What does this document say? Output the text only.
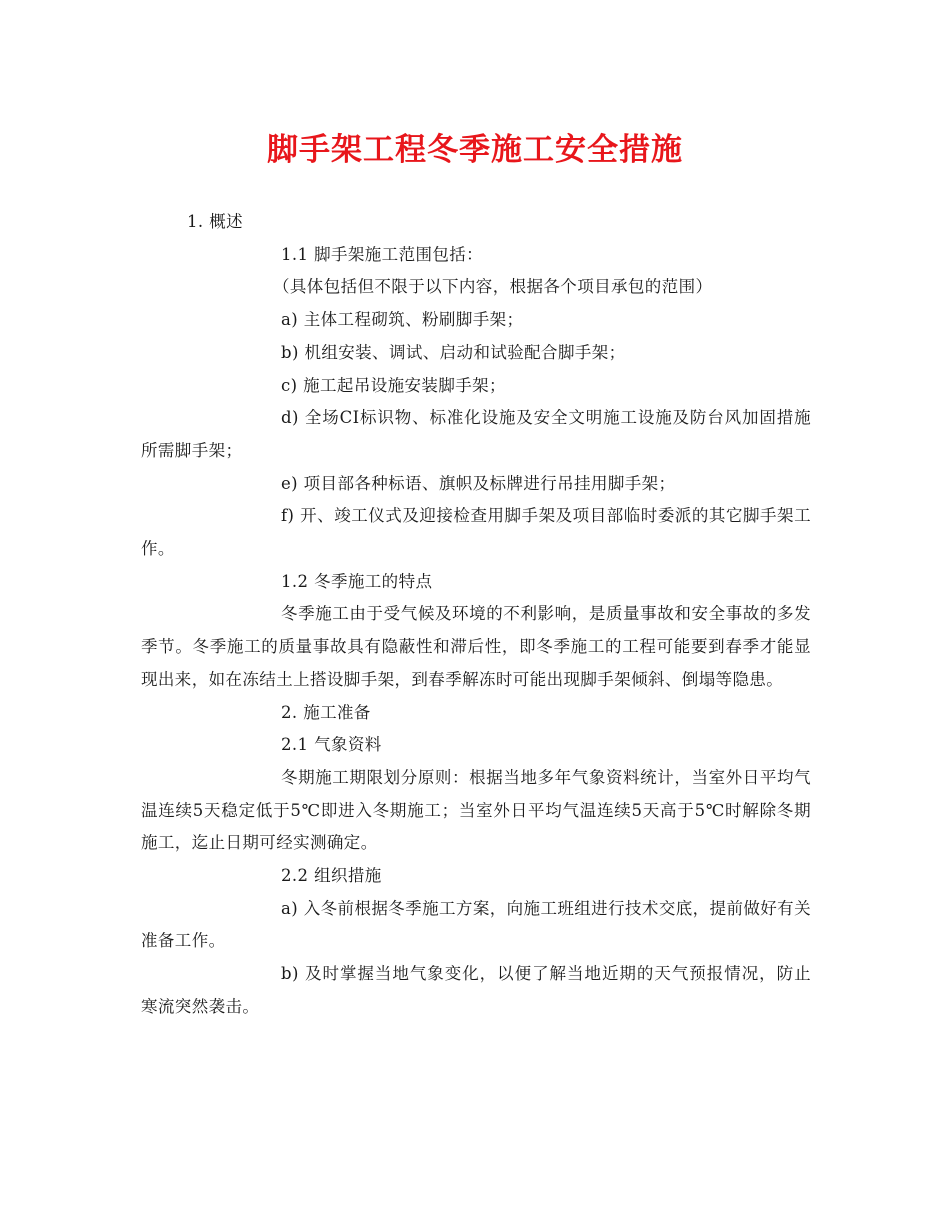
脚手架工程冬季施工安全措施

1. 概述

1.1 脚手架施工范围包括：

（具体包括但不限于以下内容，根据各个项目承包的范围）

a) 主体工程砌筑、粉刷脚手架；

b) 机组安装、调试、启动和试验配合脚手架；

c) 施工起吊设施安装脚手架；

d) 全场CI标识物、标准化设施及安全文明施工设施及防台风加固措施所需脚手架；

e) 项目部各种标语、旗帜及标牌进行吊挂用脚手架；

f) 开、竣工仪式及迎接检查用脚手架及项目部临时委派的其它脚手架工作。

1.2 冬季施工的特点

冬季施工由于受气候及环境的不利影响，是质量事故和安全事故的多发季节。冬季施工的质量事故具有隐蔽性和滞后性，即冬季施工的工程可能要到春季才能显现出来，如在冻结土上搭设脚手架，到春季解冻时可能出现脚手架倾斜、倒塌等隐患。

2. 施工准备

2.1 气象资料

冬期施工期限划分原则：根据当地多年气象资料统计，当室外日平均气温连续5天稳定低于5℃即进入冬期施工；当室外日平均气温连续5天高于5℃时解除冬期施工，迄止日期可经实测确定。

2.2 组织措施

a) 入冬前根据冬季施工方案，向施工班组进行技术交底，提前做好有关准备工作。

b) 及时掌握当地气象变化，以便了解当地近期的天气预报情况，防止寒流突然袭击。
